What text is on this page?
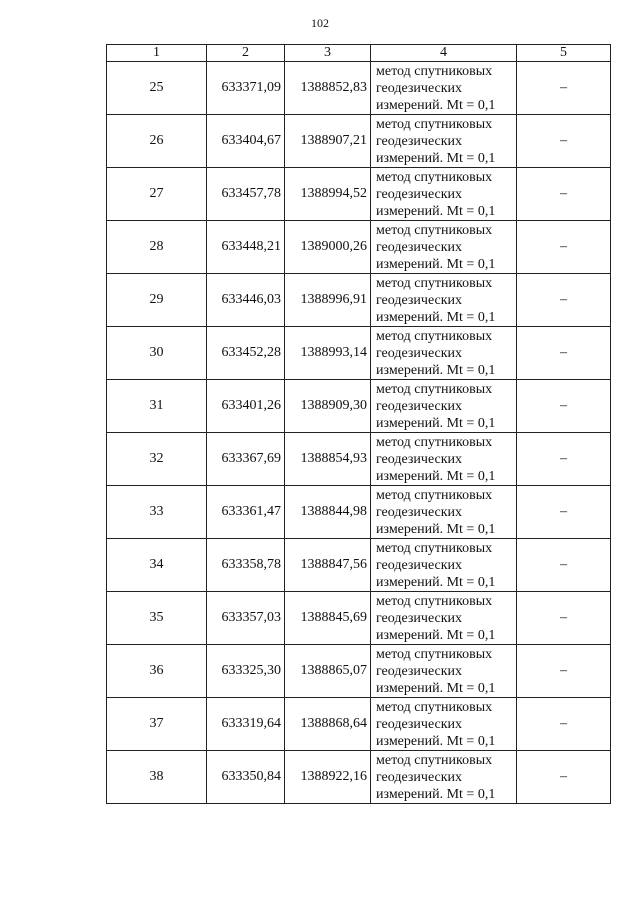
102
1	2	3	4	5
25	633371,09	1388852,83	метод спутниковых
геодезических
измерений. Mt = 0,1	–
26	633404,67	1388907,21	метод спутниковых
геодезических
измерений. Mt = 0,1	–
27	633457,78	1388994,52	метод спутниковых
геодезических
измерений. Mt = 0,1	–
28	633448,21	1389000,26	метод спутниковых
геодезических
измерений. Mt = 0,1	–
29	633446,03	1388996,91	метод спутниковых
геодезических
измерений. Mt = 0,1	–
30	633452,28	1388993,14	метод спутниковых
геодезических
измерений. Mt = 0,1	–
31	633401,26	1388909,30	метод спутниковых
геодезических
измерений. Mt = 0,1	–
32	633367,69	1388854,93	метод спутниковых
геодезических
измерений. Mt = 0,1	–
33	633361,47	1388844,98	метод спутниковых
геодезических
измерений. Mt = 0,1	–
34	633358,78	1388847,56	метод спутниковых
геодезических
измерений. Mt = 0,1	–
35	633357,03	1388845,69	метод спутниковых
геодезических
измерений. Mt = 0,1	–
36	633325,30	1388865,07	метод спутниковых
геодезических
измерений. Mt = 0,1	–
37	633319,64	1388868,64	метод спутниковых
геодезических
измерений. Mt = 0,1	–
38	633350,84	1388922,16	метод спутниковых
геодезических
измерений. Mt = 0,1	–
